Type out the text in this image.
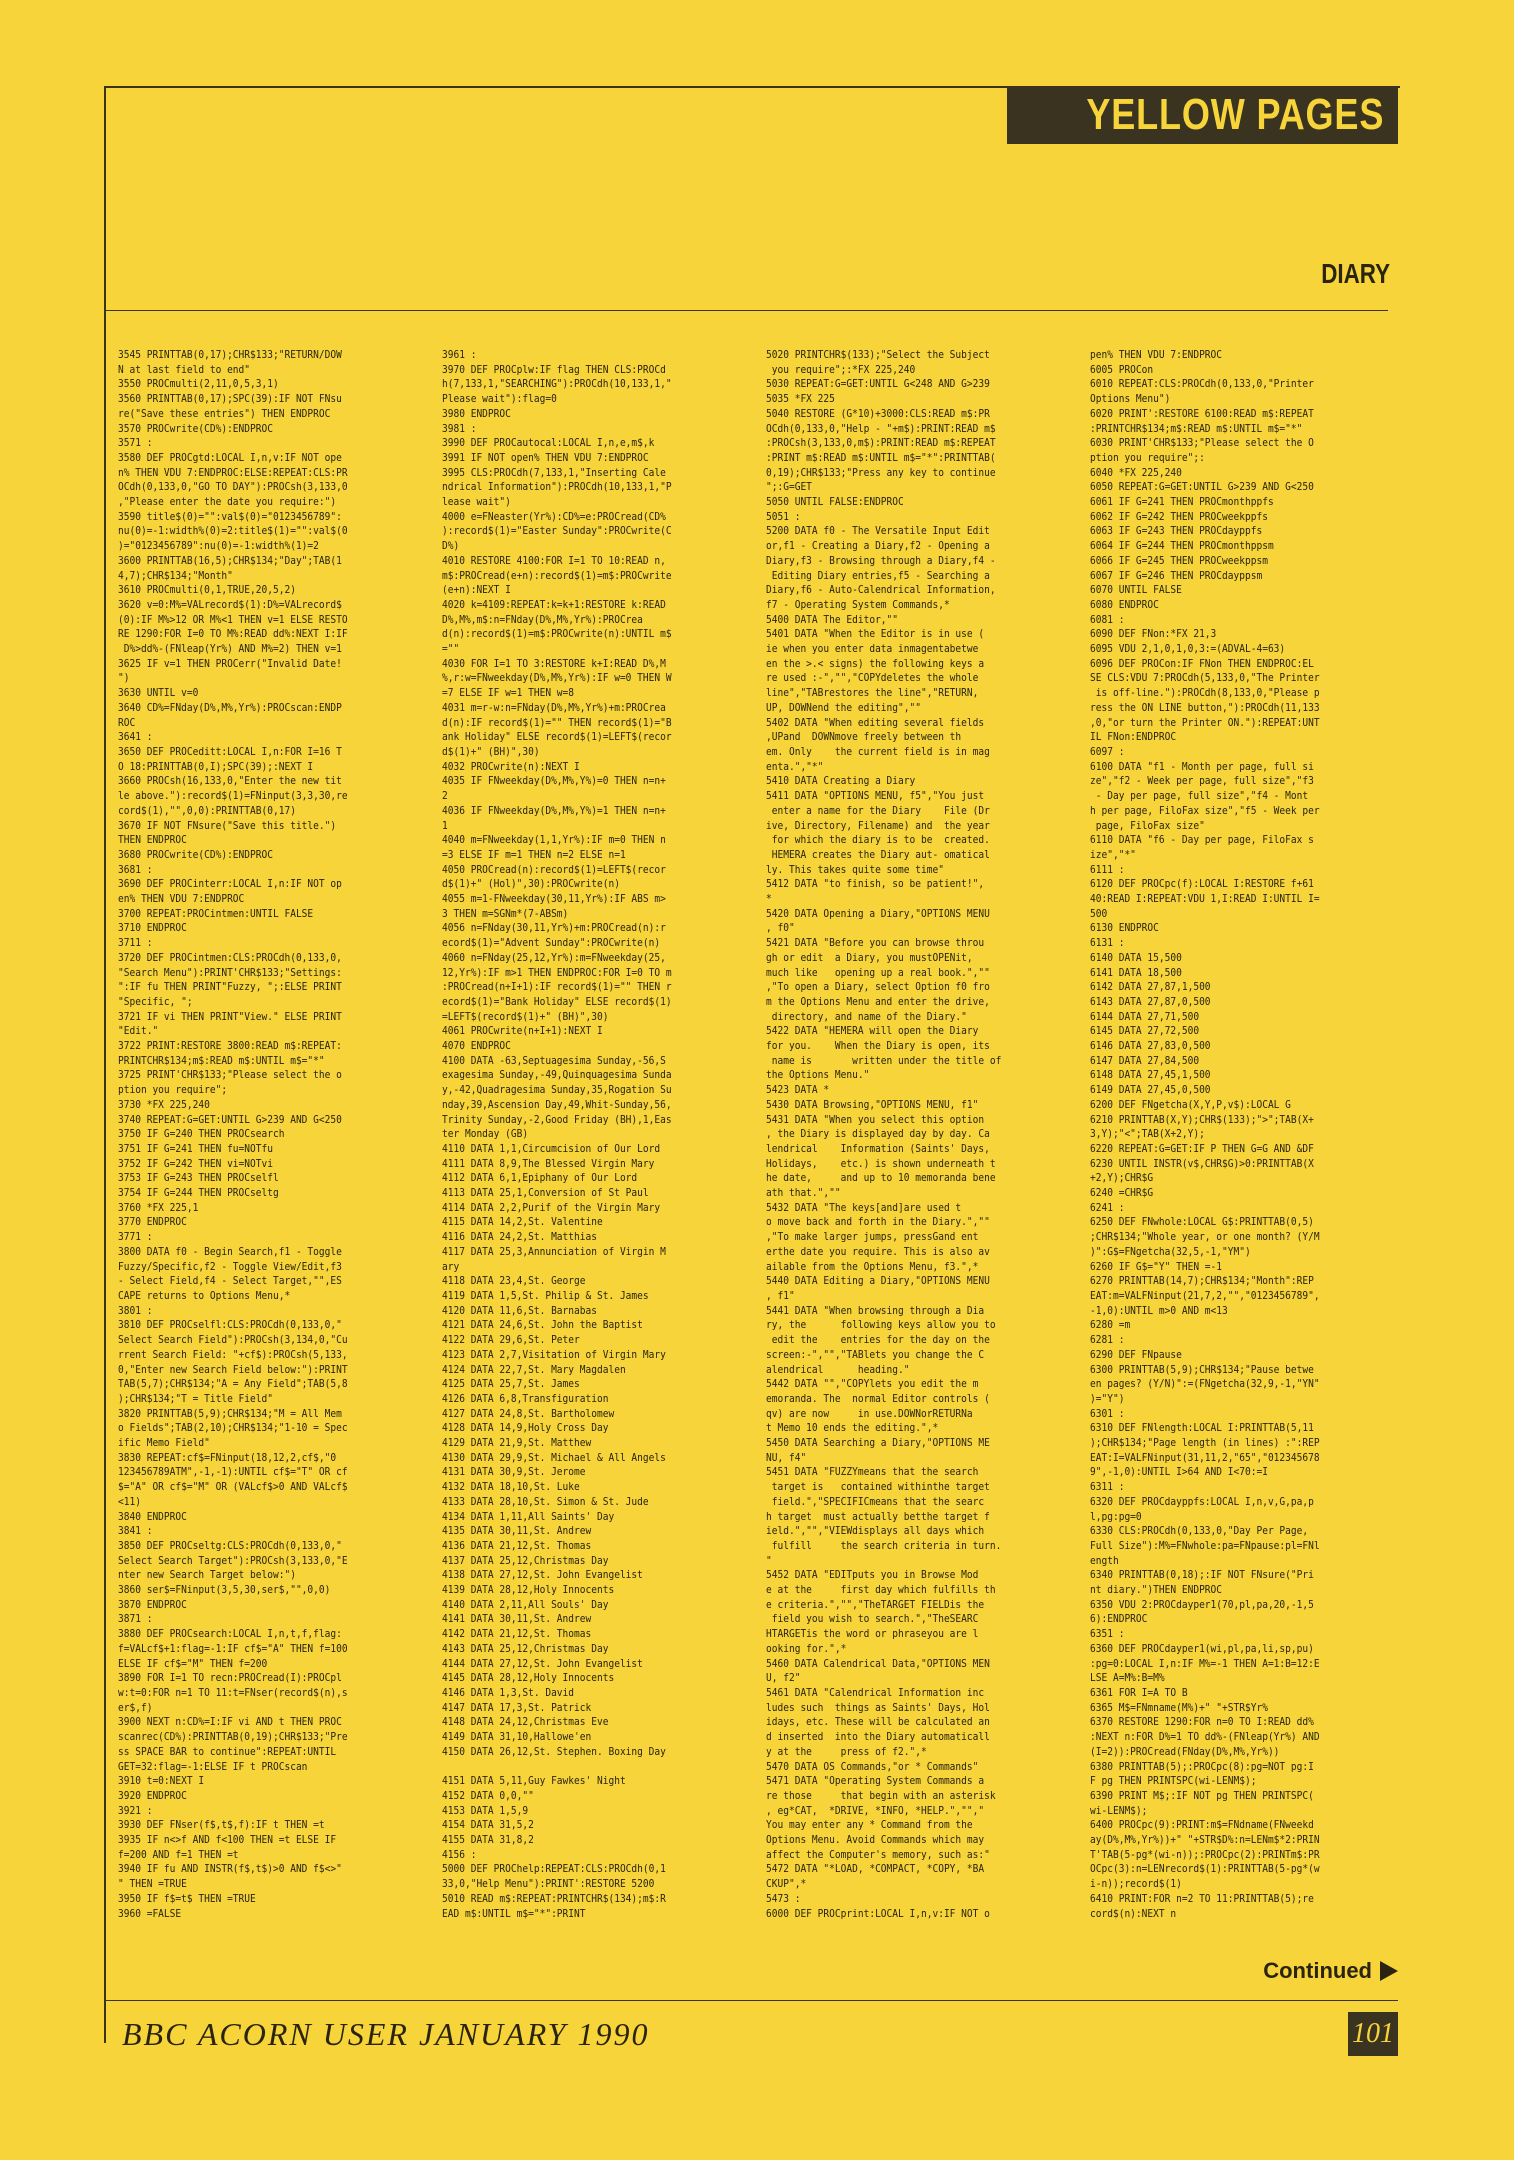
YELLOW PAGES
DIARY
3545 PRINTTAB(0,17);CHR$133;"RETURN/DOW
N at last field to end"
3550 PROCmulti(2,11,0,5,3,1)
3560 PRINTTAB(0,17);SPC(39):IF NOT FNsu
re("Save these entries") THEN ENDPROC
3570 PROCwrite(CD%):ENDPROC
3571 :
3580 DEF PROCgtd:LOCAL I,n,v:IF NOT ope
n% THEN VDU 7:ENDPROC:ELSE:REPEAT:CLS:PR
OCdh(0,133,0,"GO TO DAY"):PROCsh(3,133,0
,"Please enter the date you require:")
3590 title$(0)="":val$(0)="0123456789":
nu(0)=-1:width%(0)=2:title$(1)="":val$(0
)="0123456789":nu(0)=-1:width%(1)=2
3600 PRINTTAB(16,5);CHR$134;"Day";TAB(1
4,7);CHR$134;"Month"
3610 PROCmulti(0,1,TRUE,20,5,2)
3620 v=0:M%=VALrecord$(1):D%=VALrecord$
(0):IF M%>12 OR M%<1 THEN v=1 ELSE RESTO
RE 1290:FOR I=0 TO M%:READ dd%:NEXT I:IF
D%>dd%-(FNleap(Yr%) AND M%=2) THEN v=1
3625 IF v=1 THEN PROCerr("Invalid Date!
")
3630 UNTIL v=0
3640 CD%=FNday(D%,M%,Yr%):PROCscan:ENDP
ROC
3641 :
3650 DEF PROCeditt:LOCAL I,n:FOR I=16 T
O 18:PRINTTAB(0,I);SPC(39);:NEXT I
3660 PROCsh(16,133,0,"Enter the new tit
le above."):record$(1)=FNinput(3,3,30,re
cord$(1),"",0,0):PRINTTAB(0,17)
3670 IF NOT FNsure("Save this title.")
THEN ENDPROC
3680 PROCwrite(CD%):ENDPROC
3681 :
3690 DEF PROCinterr:LOCAL I,n:IF NOT op
en% THEN VDU 7:ENDPROC
3700 REPEAT:PROCintmen:UNTIL FALSE
3710 ENDPROC
3711 :
3720 DEF PROCintmen:CLS:PROCdh(0,133,0,
"Search Menu"):PRINT'CHR$133;"Settings:
":IF fu THEN PRINT"Fuzzy, ";:ELSE PRINT
"Specific, ";
3721 IF vi THEN PRINT"View." ELSE PRINT
"Edit."
3722 PRINT:RESTORE 3800:READ m$:REPEAT:
PRINTCHR$134;m$:READ m$:UNTIL m$="*"
3725 PRINT'CHR$133;"Please select the o
ption you require";
3730 *FX 225,240
3740 REPEAT:G=GET:UNTIL G>239 AND G<250
3750 IF G=240 THEN PROCsearch
3751 IF G=241 THEN fu=NOTfu
3752 IF G=242 THEN vi=NOTvi
3753 IF G=243 THEN PROCselfl
3754 IF G=244 THEN PROCseltg
3760 *FX 225,1
3770 ENDPROC
3771 :
3800 DATA f0 - Begin Search,f1 - Toggle
Fuzzy/Specific,f2 - Toggle View/Edit,f3
- Select Field,f4 - Select Target,"",ES
CAPE returns to Options Menu,*
3801 :
3810 DEF PROCselfl:CLS:PROCdh(0,133,0,"
Select Search Field"):PROCsh(3,134,0,"Cu
rrent Search Field: "+cf$):PROCsh(5,133,
0,"Enter new Search Field below:"):PRINT
TAB(5,7);CHR$134;"A = Any Field";TAB(5,8
);CHR$134;"T = Title Field"
3820 PRINTTAB(5,9);CHR$134;"M = All Mem
o Fields";TAB(2,10);CHR$134;"1-10 = Spec
ific Memo Field"
3830 REPEAT:cf$=FNinput(18,12,2,cf$,"0
123456789ATM",-1,-1):UNTIL cf$="T" OR cf
$="A" OR cf$="M" OR (VALcf$>0 AND VALcf$
<11)
3840 ENDPROC
3841 :
3850 DEF PROCseltg:CLS:PROCdh(0,133,0,"
Select Search Target"):PROCsh(3,133,0,"E
nter new Search Target below:")
3860 ser$=FNinput(3,5,30,ser$,"",0,0)
3870 ENDPROC
3871 :
3880 DEF PROCsearch:LOCAL I,n,t,f,flag:
f=VALcf$+1:flag=-1:IF cf$="A" THEN f=100
ELSE IF cf$="M" THEN f=200
3890 FOR I=1 TO recn:PROCread(I):PROCpl
w:t=0:FOR n=1 TO 11:t=FNser(record$(n),s
er$,f)
3900 NEXT n:CD%=I:IF vi AND t THEN PROC
scanrec(CD%):PRINTTAB(0,19);CHR$133;"Pre
ss SPACE BAR to continue":REPEAT:UNTIL
GET=32:flag=-1:ELSE IF t PROCscan
3910 t=0:NEXT I
3920 ENDPROC
3921 :
3930 DEF FNser(f$,t$,f):IF t THEN =t
3935 IF n<>f AND f<100 THEN =t ELSE IF
f=200 AND f=1 THEN =t
3940 IF fu AND INSTR(f$,t$)>0 AND f$<>"
" THEN =TRUE
3950 IF f$=t$ THEN =TRUE
3960 =FALSE
3961 :
3970 DEF PROCplw:IF flag THEN CLS:PROCd
h(7,133,1,"SEARCHING"):PROCdh(10,133,1,"
Please wait"):flag=0
3980 ENDPROC
3981 :
3990 DEF PROCautocal:LOCAL I,n,e,m$,k
3991 IF NOT open% THEN VDU 7:ENDPROC
3995 CLS:PROCdh(7,133,1,"Inserting Cale
ndrical Information"):PROCdh(10,133,1,"P
lease wait")
4000 e=FNeaster(Yr%):CD%=e:PROCread(CD%
):record$(1)="Easter Sunday":PROCwrite(C
D%)
4010 RESTORE 4100:FOR I=1 TO 10:READ n,
m$:PROCread(e+n):record$(1)=m$:PROCwrite
(e+n):NEXT I
4020 k=4109:REPEAT:k=k+1:RESTORE k:READ
D%,M%,m$:n=FNday(D%,M%,Yr%):PROCrea
d(n):record$(1)=m$:PROCwrite(n):UNTIL m$
=""
4030 FOR I=1 TO 3:RESTORE k+I:READ D%,M
%,r:w=FNweekday(D%,M%,Yr%):IF w=0 THEN W
=7 ELSE IF w=1 THEN w=8
4031 m=r-w:n=FNday(D%,M%,Yr%)+m:PROCrea
d(n):IF record$(1)="" THEN record$(1)="B
ank Holiday" ELSE record$(1)=LEFT$(recor
d$(1)+" (BH)",30)
4032 PROCwrite(n):NEXT I
4035 IF FNweekday(D%,M%,Y%)=0 THEN n=n+
2
4036 IF FNweekday(D%,M%,Y%)=1 THEN n=n+
1
4040 m=FNweekday(1,1,Yr%):IF m=0 THEN n
=3 ELSE IF m=1 THEN n=2 ELSE n=1
4050 PROCread(n):record$(1)=LEFT$(recor
d$(1)+" (Hol)",30):PROCwrite(n)
4055 m=1-FNweekday(30,11,Yr%):IF ABS m>
3 THEN m=SGNm*(7-ABSm)
4056 n=FNday(30,11,Yr%)+m:PROCread(n):r
ecord$(1)="Advent Sunday":PROCwrite(n)
4060 n=FNday(25,12,Yr%):m=FNweekday(25,
12,Yr%):IF m>1 THEN ENDPROC:FOR I=0 TO m
:PROCread(n+I+1):IF record$(1)="" THEN r
ecord$(1)="Bank Holiday" ELSE record$(1)
=LEFT$(record$(1)+" (BH)",30)
4061 PROCwrite(n+I+1):NEXT I
4070 ENDPROC
4100 DATA -63,Septuagesima Sunday,-56,S
exagesima Sunday,-49,Quinquagesima Sunda
y,-42,Quadragesima Sunday,35,Rogation Su
nday,39,Ascension Day,49,Whit-Sunday,56,
Trinity Sunday,-2,Good Friday (BH),1,Eas
ter Monday (GB)
4110 DATA 1,1,Circumcision of Our Lord
4111 DATA 8,9,The Blessed Virgin Mary
4112 DATA 6,1,Epiphany of Our Lord
4113 DATA 25,1,Conversion of St Paul
4114 DATA 2,2,Purif of the Virgin Mary
4115 DATA 14,2,St. Valentine
4116 DATA 24,2,St. Matthias
4117 DATA 25,3,Annunciation of Virgin M
ary
4118 DATA 23,4,St. George
4119 DATA 1,5,St. Philip & St. James
4120 DATA 11,6,St. Barnabas
4121 DATA 24,6,St. John the Baptist
4122 DATA 29,6,St. Peter
4123 DATA 2,7,Visitation of Virgin Mary
4124 DATA 22,7,St. Mary Magdalen
4125 DATA 25,7,St. James
4126 DATA 6,8,Transfiguration
4127 DATA 24,8,St. Bartholomew
4128 DATA 14,9,Holy Cross Day
4129 DATA 21,9,St. Matthew
4130 DATA 29,9,St. Michael & All Angels
4131 DATA 30,9,St. Jerome
4132 DATA 18,10,St. Luke
4133 DATA 28,10,St. Simon & St. Jude
4134 DATA 1,11,All Saints' Day
4135 DATA 30,11,St. Andrew
4136 DATA 21,12,St. Thomas
4137 DATA 25,12,Christmas Day
4138 DATA 27,12,St. John Evangelist
4139 DATA 28,12,Holy Innocents
4140 DATA 2,11,All Souls' Day
4141 DATA 30,11,St. Andrew
4142 DATA 21,12,St. Thomas
4143 DATA 25,12,Christmas Day
4144 DATA 27,12,St. John Evangelist
4145 DATA 28,12,Holy Innocents
4146 DATA 1,3,St. David
4147 DATA 17,3,St. Patrick
4148 DATA 24,12,Christmas Eve
4149 DATA 31,10,Hallowe'en
4150 DATA 26,12,St. Stephen. Boxing Day

4151 DATA 5,11,Guy Fawkes' Night
4152 DATA 0,0,""
4153 DATA 1,5,9
4154 DATA 31,5,2
4155 DATA 31,8,2
4156 :
5000 DEF PROChelp:REPEAT:CLS:PROCdh(0,1
33,0,"Help Menu"):PRINT':RESTORE 5200
5010 READ m$:REPEAT:PRINTCHR$(134);m$:R
EAD m$:UNTIL m$="*":PRINT
5020 PRINTCHR$(133);"Select the Subject
you require";:*FX 225,240
5030 REPEAT:G=GET:UNTIL G<248 AND G>239
5035 *FX 225
5040 RESTORE (G*10)+3000:CLS:READ m$:PR
OCdh(0,133,0,"Help - "+m$):PRINT:READ m$
:PROCsh(3,133,0,m$):PRINT:READ m$:REPEAT
:PRINT m$:READ m$:UNTIL m$="*":PRINTTAB(
0,19);CHR$133;"Press any key to continue
";:G=GET
5050 UNTIL FALSE:ENDPROC
5051 :
5200 DATA f0 - The Versatile Input Edit
or,f1 - Creating a Diary,f2 - Opening a
Diary,f3 - Browsing through a Diary,f4 -
Editing Diary entries,f5 - Searching a
Diary,f6 - Auto-Calendrical Information,
f7 - Operating System Commands,*
5400 DATA The Editor,""
5401 DATA "When the Editor is in use (
ie when you enter data inmagentabetwe
en the >.< signs) the following keys a
re used :-","","COPYdeletes the whole
line","TABrestores the line","RETURN,
UP, DOWNend the editing",""
5402 DATA "When editing several fields
,UPand  DOWNmove freely between th
em. Only    the current field is in mag
enta.","*"
5410 DATA Creating a Diary
5411 DATA "OPTIONS MENU, f5","You just
enter a name for the Diary    File (Dr
ive, Directory, Filename) and  the year
for which the diary is to be  created.
HEMERA creates the Diary aut- omatical
ly. This takes quite some time"
5412 DATA "to finish, so be patient!",
*
5420 DATA Opening a Diary,"OPTIONS MENU
, f0"
5421 DATA "Before you can browse throu
gh or edit  a Diary, you mustOPENit,
much like   opening up a real book.",""
,"To open a Diary, select Option f0 fro
m the Options Menu and enter the drive,
directory, and name of the Diary."
5422 DATA "HEMERA will open the Diary
for you.    When the Diary is open, its
name is       written under the title of
the Options Menu."
5423 DATA *
5430 DATA Browsing,"OPTIONS MENU, f1"
5431 DATA "When you select this option
, the Diary is displayed day by day. Ca
lendrical    Information (Saints' Days,
Holidays,    etc.) is shown underneath t
he date,     and up to 10 memoranda bene
ath that.",""
5432 DATA "The keys[and]are used t
o move back and forth in the Diary.",""
,"To make larger jumps, pressGand ent
erthe date you require. This is also av
ailable from the Options Menu, f3.",*
5440 DATA Editing a Diary,"OPTIONS MENU
, f1"
5441 DATA "When browsing through a Dia
ry, the      following keys allow you to
edit the    entries for the day on the
screen:-","","TABlets you change the C
alendrical      heading."
5442 DATA "","COPYlets you edit the m
emoranda. The  normal Editor controls (
qv) are now     in use.DOWNorRETURNa
t Memo 10 ends the editing.",*
5450 DATA Searching a Diary,"OPTIONS ME
NU, f4"
5451 DATA "FUZZYmeans that the search
target is   contained withinthe target
field.","SPECIFICmeans that the searc
h target  must actually betthe target f
ield.","","VIEWdisplays all days which
fulfill     the search criteria in turn.
"
5452 DATA "EDITputs you in Browse Mod
e at the     first day which fulfills th
e criteria.","","TheTARGET FIELDis the
field you wish to search.","TheSEARC
HTARGETis the word or phraseyou are l
ooking for.",*
5460 DATA Calendrical Data,"OPTIONS MEN
U, f2"
5461 DATA "Calendrical Information inc
ludes such  things as Saints' Days, Hol
idays, etc. These will be calculated an
d inserted  into the Diary automaticall
y at the     press of f2.",*
5470 DATA OS Commands,"or * Commands"
5471 DATA "Operating System Commands a
re those     that begin with an asterisk
, eg*CAT,  *DRIVE, *INFO, *HELP.","","
You may enter any * Command from the
Options Menu. Avoid Commands which may
affect the Computer's memory, such as:"
5472 DATA "*LOAD, *COMPACT, *COPY, *BA
CKUP",*
5473 :
6000 DEF PROCprint:LOCAL I,n,v:IF NOT o
pen% THEN VDU 7:ENDPROC
6005 PROCon
6010 REPEAT:CLS:PROCdh(0,133,0,"Printer
Options Menu")
6020 PRINT':RESTORE 6100:READ m$:REPEAT
:PRINTCHR$134;m$:READ m$:UNTIL m$="*"
6030 PRINT'CHR$133;"Please select the O
ption you require";:
6040 *FX 225,240
6050 REPEAT:G=GET:UNTIL G>239 AND G<250
6061 IF G=241 THEN PROCmonthppfs
6062 IF G=242 THEN PROCweekppfs
6063 IF G=243 THEN PROCdayppfs
6064 IF G=244 THEN PROCmonthppsm
6066 IF G=245 THEN PROCweekppsm
6067 IF G=246 THEN PROCdayppsm
6070 UNTIL FALSE
6080 ENDPROC
6081 :
6090 DEF FNon:*FX 21,3
6095 VDU 2,1,0,1,0,3:=(ADVAL-4=63)
6096 DEF PROCon:IF FNon THEN ENDPROC:EL
SE CLS:VDU 7:PROCdh(5,133,0,"The Printer
is off-line."):PROCdh(8,133,0,"Please p
ress the ON LINE button,"):PROCdh(11,133
,0,"or turn the Printer ON."):REPEAT:UNT
IL FNon:ENDPROC
6097 :
6100 DATA "f1 - Month per page, full si
ze","f2 - Week per page, full size","f3
- Day per page, full size","f4 - Mont
h per page, FiloFax size","f5 - Week per
page, FiloFax size"
6110 DATA "f6 - Day per page, FiloFax s
ize","*"
6111 :
6120 DEF PROCpc(f):LOCAL I:RESTORE f+61
40:READ I:REPEAT:VDU 1,I:READ I:UNTIL I=
500
6130 ENDPROC
6131 :
6140 DATA 15,500
6141 DATA 18,500
6142 DATA 27,87,1,500
6143 DATA 27,87,0,500
6144 DATA 27,71,500
6145 DATA 27,72,500
6146 DATA 27,83,0,500
6147 DATA 27,84,500
6148 DATA 27,45,1,500
6149 DATA 27,45,0,500
6200 DEF FNgetcha(X,Y,P,v$):LOCAL G
6210 PRINTTAB(X,Y);CHR$(133);">";TAB(X+
3,Y);"<";TAB(X+2,Y);
6220 REPEAT:G=GET:IF P THEN G=G AND &DF
6230 UNTIL INSTR(v$,CHR$G)>0:PRINTTAB(X
+2,Y);CHR$G
6240 =CHR$G
6241 :
6250 DEF FNwhole:LOCAL G$:PRINTTAB(0,5)
;CHR$134;"Whole year, or one month? (Y/M
)":G$=FNgetcha(32,5,-1,"YM")
6260 IF G$="Y" THEN =-1
6270 PRINTTAB(14,7);CHR$134;"Month":REP
EAT:m=VALFNinput(21,7,2,"","0123456789",
-1,0):UNTIL m>0 AND m<13
6280 =m
6281 :
6290 DEF FNpause
6300 PRINTTAB(5,9);CHR$134;"Pause betwe
en pages? (Y/N)":=(FNgetcha(32,9,-1,"YN"
)="Y")
6301 :
6310 DEF FNlength:LOCAL I:PRINTTAB(5,11
);CHR$134;"Page length (in lines) :":REP
EAT:I=VALFNinput(31,11,2,"65","012345678
9",-1,0):UNTIL I>64 AND I<70:=I
6311 :
6320 DEF PROCdayppfs:LOCAL I,n,v,G,pa,p
l,pg:pg=0
6330 CLS:PROCdh(0,133,0,"Day Per Page,
Full Size"):M%=FNwhole:pa=FNpause:pl=FNl
ength
6340 PRINTTAB(0,18);:IF NOT FNsure("Pri
nt diary.")THEN ENDPROC
6350 VDU 2:PROCdayper1(70,pl,pa,20,-1,5
6):ENDPROC
6351 :
6360 DEF PROCdayper1(wi,pl,pa,li,sp,pu)
:pg=0:LOCAL I,n:IF M%=-1 THEN A=1:B=12:E
LSE A=M%:B=M%
6361 FOR I=A TO B
6365 M$=FNmname(M%)+" "+STR$Yr%
6370 RESTORE 1290:FOR n=0 TO I:READ dd%
:NEXT n:FOR D%=1 TO dd%-(FNleap(Yr%) AND
(I=2)):PROCread(FNday(D%,M%,Yr%))
6380 PRINTTAB(5);:PROCpc(8):pg=NOT pg:I
F pg THEN PRINTSPC(wi-LENM$);
6390 PRINT M$;:IF NOT pg THEN PRINTSPC(
wi-LENM$);
6400 PROCpc(9):PRINT:m$=FNdname(FNweekd
ay(D%,M%,Yr%))+" "+STR$D%:n=LENm$*2:PRIN
T'TAB(5-pg*(wi-n));:PROCpc(2):PRINTm$:PR
OCpc(3):n=LENrecord$(1):PRINTTAB(5-pg*(w
i-n));record$(1)
6410 PRINT:FOR n=2 TO 11:PRINTTAB(5);re
cord$(n):NEXT n
Continued
BBC ACORN USER JANUARY 1990	101
